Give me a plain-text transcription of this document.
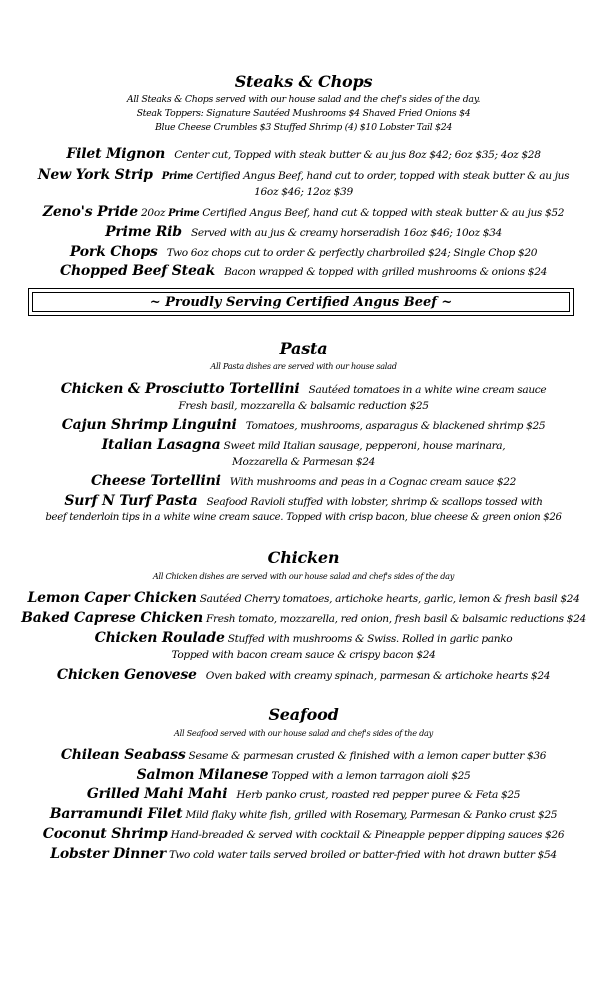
Steaks & Chops
All Steaks & Chops served with our house salad and the chef's sides of the day.
Steak Toppers: Signature Sautéed Mushrooms $4 Shaved Fried Onions $4
Blue Cheese Crumbles $3 Stuffed Shrimp (4) $10 Lobster Tail $24
Filet Mignon Center cut, Topped with steak butter & au jus 8oz $42; 6oz $35; 4oz $28
New York Strip Prime Certified Angus Beef, hand cut to order, topped with steak butter & au jus
16oz $46; 12oz $39
Zeno's Pride 20oz Prime Certified Angus Beef, hand cut & topped with steak butter & au jus $52
Prime Rib Served with au jus & creamy horseradish 16oz $46; 10oz $34
Pork Chops Two 6oz chops cut to order & perfectly charbroiled $24; Single Chop $20
Chopped Beef Steak Bacon wrapped & topped with grilled mushrooms & onions $24
~ Proudly Serving Certified Angus Beef ~
Pasta
All Pasta dishes are served with our house salad
Chicken & Prosciutto Tortellini Sautéed tomatoes in a white wine cream sauce
Fresh basil, mozzarella & balsamic reduction $25
Cajun Shrimp Linguini Tomatoes, mushrooms, asparagus & blackened shrimp $25
Italian Lasagna Sweet mild Italian sausage, pepperoni, house marinara,
Mozzarella & Parmesan $24
Cheese Tortellini With mushrooms and peas in a Cognac cream sauce $22
Surf N Turf Pasta Seafood Ravioli stuffed with lobster, shrimp & scallops tossed with
beef tenderloin tips in a white wine cream sauce. Topped with crisp bacon, blue cheese & green onion $26
Chicken
All Chicken dishes are served with our house salad and chef's sides of the day
Lemon Caper Chicken Sautéed Cherry tomatoes, artichoke hearts, garlic, lemon & fresh basil $24
Baked Caprese Chicken Fresh tomato, mozzarella, red onion, fresh basil & balsamic reductions $24
Chicken Roulade Stuffed with mushrooms & Swiss. Rolled in garlic panko
Topped with bacon cream sauce & crispy bacon $24
Chicken Genovese Oven baked with creamy spinach, parmesan & artichoke hearts $24
Seafood
All Seafood served with our house salad and chef's sides of the day
Chilean Seabass Sesame & parmesan crusted & finished with a lemon caper butter $36
Salmon Milanese Topped with a lemon tarragon aioli $25
Grilled Mahi Mahi Herb panko crust, roasted red pepper puree & Feta $25
Barramundi Filet Mild flaky white fish, grilled with Rosemary, Parmesan & Panko crust $25
Coconut Shrimp Hand-breaded & served with cocktail & Pineapple pepper dipping sauces $26
Lobster Dinner Two cold water tails served broiled or batter-fried with hot drawn butter $54
